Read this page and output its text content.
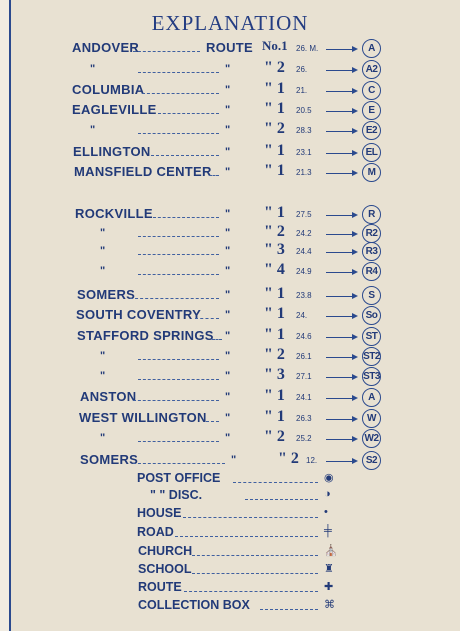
EXPLANATION
ANDOVER	ROUTE No.1 26. M.	A
"	" " 2 26.	A2
COLUMBIA	" " 1 21.	C
EAGLEVILLE	" " 1 20.5	E
"	" " 2 28.3	E2
ELLINGTON	" " 1 23.1	EL
MANSFIELD CENTER " " 1 21.3	M
ROCKVILLE	" " 1 27.5	R
"	" " 2 24.2	R2
"	" " 3 24.4	R3
"	" " 4 24.9	R4
SOMERS	" " 1 23.8	S
SOUTH COVENTRY " " 1 24.	So
STAFFORD SPRINGS " " 1 24.6	ST
"	" " 2 26.1	ST2
"	" " 3 27.1	ST3
ANSTON	" " 1 24.1	A
WEST WILLINGTON " " 1 26.3	W
"	" " 2 25.2	W2
SOMERS	"	" 2 12.	S2
POST OFFICE	◉
" " DISC.	◑
HOUSE	•
ROAD	╪
CHURCH	⛪
SCHOOL	♜
ROUTE	✚
COLLECTION BOX	⌘
